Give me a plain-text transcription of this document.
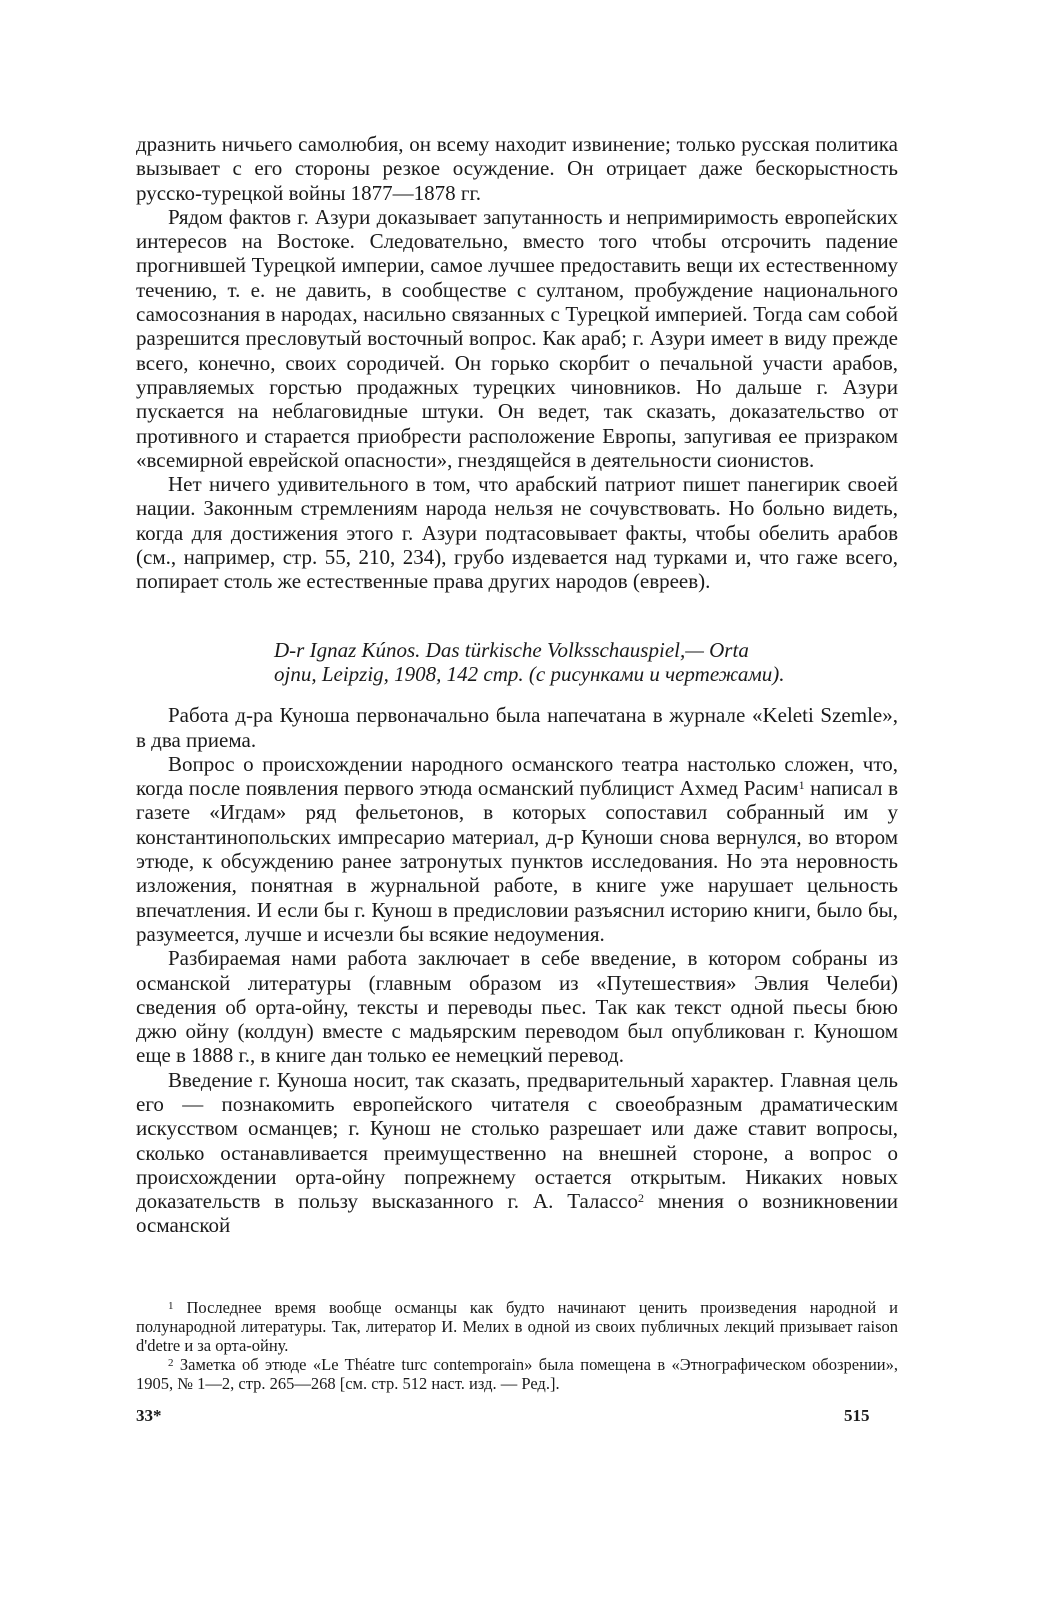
дразнить ничьего самолюбия, он всему находит извинение; только русская политика вызывает с его стороны резкое осуждение. Он отрицает даже бескорыстность русско-турецкой войны 1877—1878 гг.

Рядом фактов г. Азури доказывает запутанность и непримиримость европейских интересов на Востоке. Следовательно, вместо того чтобы отсрочить падение прогнившей Турецкой империи, самое лучшее предоставить вещи их естественному течению, т. е. не давить, в сообществе с султаном, пробуждение национального самосознания в народах, насильно связанных с Турецкой империей. Тогда сам собой разрешится пресловутый восточный вопрос. Как араб; г. Азури имеет в виду прежде всего, конечно, своих сородичей. Он горько скорбит о печальной участи арабов, управляемых горстью продажных турецких чиновников. Но дальше г. Азури пускается на неблаговидные штуки. Он ведет, так сказать, доказательство от противного и старается приобрести расположение Европы, запугивая ее призраком «всемирной еврейской опасности», гнездящейся в деятельности сионистов.

Нет ничего удивительного в том, что арабский патриот пишет панегирик своей нации. Законным стремлениям народа нельзя не сочувствовать. Но больно видеть, когда для достижения этого г. Азури подтасовывает факты, чтобы обелить арабов (см., например, стр. 55, 210, 234), грубо издевается над турками и, что гаже всего, попирает столь же естественные права других народов (евреев).

D-r Ignaz Kúnos. Das türkische Volksschauspiel,— Orta
ojnu, Leipzig, 1908, 142 стр. (с рисунками и чертежами).

Работа д-ра Куноша первоначально была напечатана в журнале «Keleti Szemle», в два приема.

Вопрос о происхождении народного османского театра настолько сложен, что, когда после появления первого этюда османский публицист Ахмед Расим$^1$ написал в газете «Игдам» ряд фельетонов, в которых сопоставил собранный им у константинопольских импресарио материал, д-р Куноши снова вернулся, во втором этюде, к обсуждению ранее затронутых пунктов исследования. Но эта неровность изложения, понятная в журнальной работе, в книге уже нарушает цельность впечатления. И если бы г. Кунош в предисловии разъяснил историю книги, было бы, разумеется, лучше и исчезли бы всякие недоумения.

Разбираемая нами работа заключает в себе введение, в котором собраны из османской литературы (главным образом из «Путешествия» Эвлия Челеби) сведения об орта-ойну, тексты и переводы пьес. Так как текст одной пьесы бюю джю ойну (колдун) вместе с мадьярским переводом был опубликован г. Куношом еще в 1888 г., в книге дан только ее немецкий перевод.

Введение г. Куноша носит, так сказать, предварительный характер. Главная цель его — познакомить европейского читателя с своеобразным драматическим искусством османцев; г. Кунош не столько разрешает или даже ставит вопросы, сколько останавливается преимущественно на внешней стороне, а вопрос о происхождении орта-ойну попрежнему остается открытым. Никаких новых доказательств в пользу высказанного г. А. Талассо$^2$ мнения о возникновении османской

$^1$ Последнее время вообще османцы как будто начинают ценить произведения народной и полународной литературы. Так, литератор И. Мелих в одной из своих публичных лекций призывает raison d'detre и за орта-ойну.

$^2$ Заметка об этюде «Le Théatre turc contemporain» была помещена в «Этнографическом обозрении», 1905, № 1—2, стр. 265—268 [см. стр. 512 наст. изд. — Ред.].

33*	515
